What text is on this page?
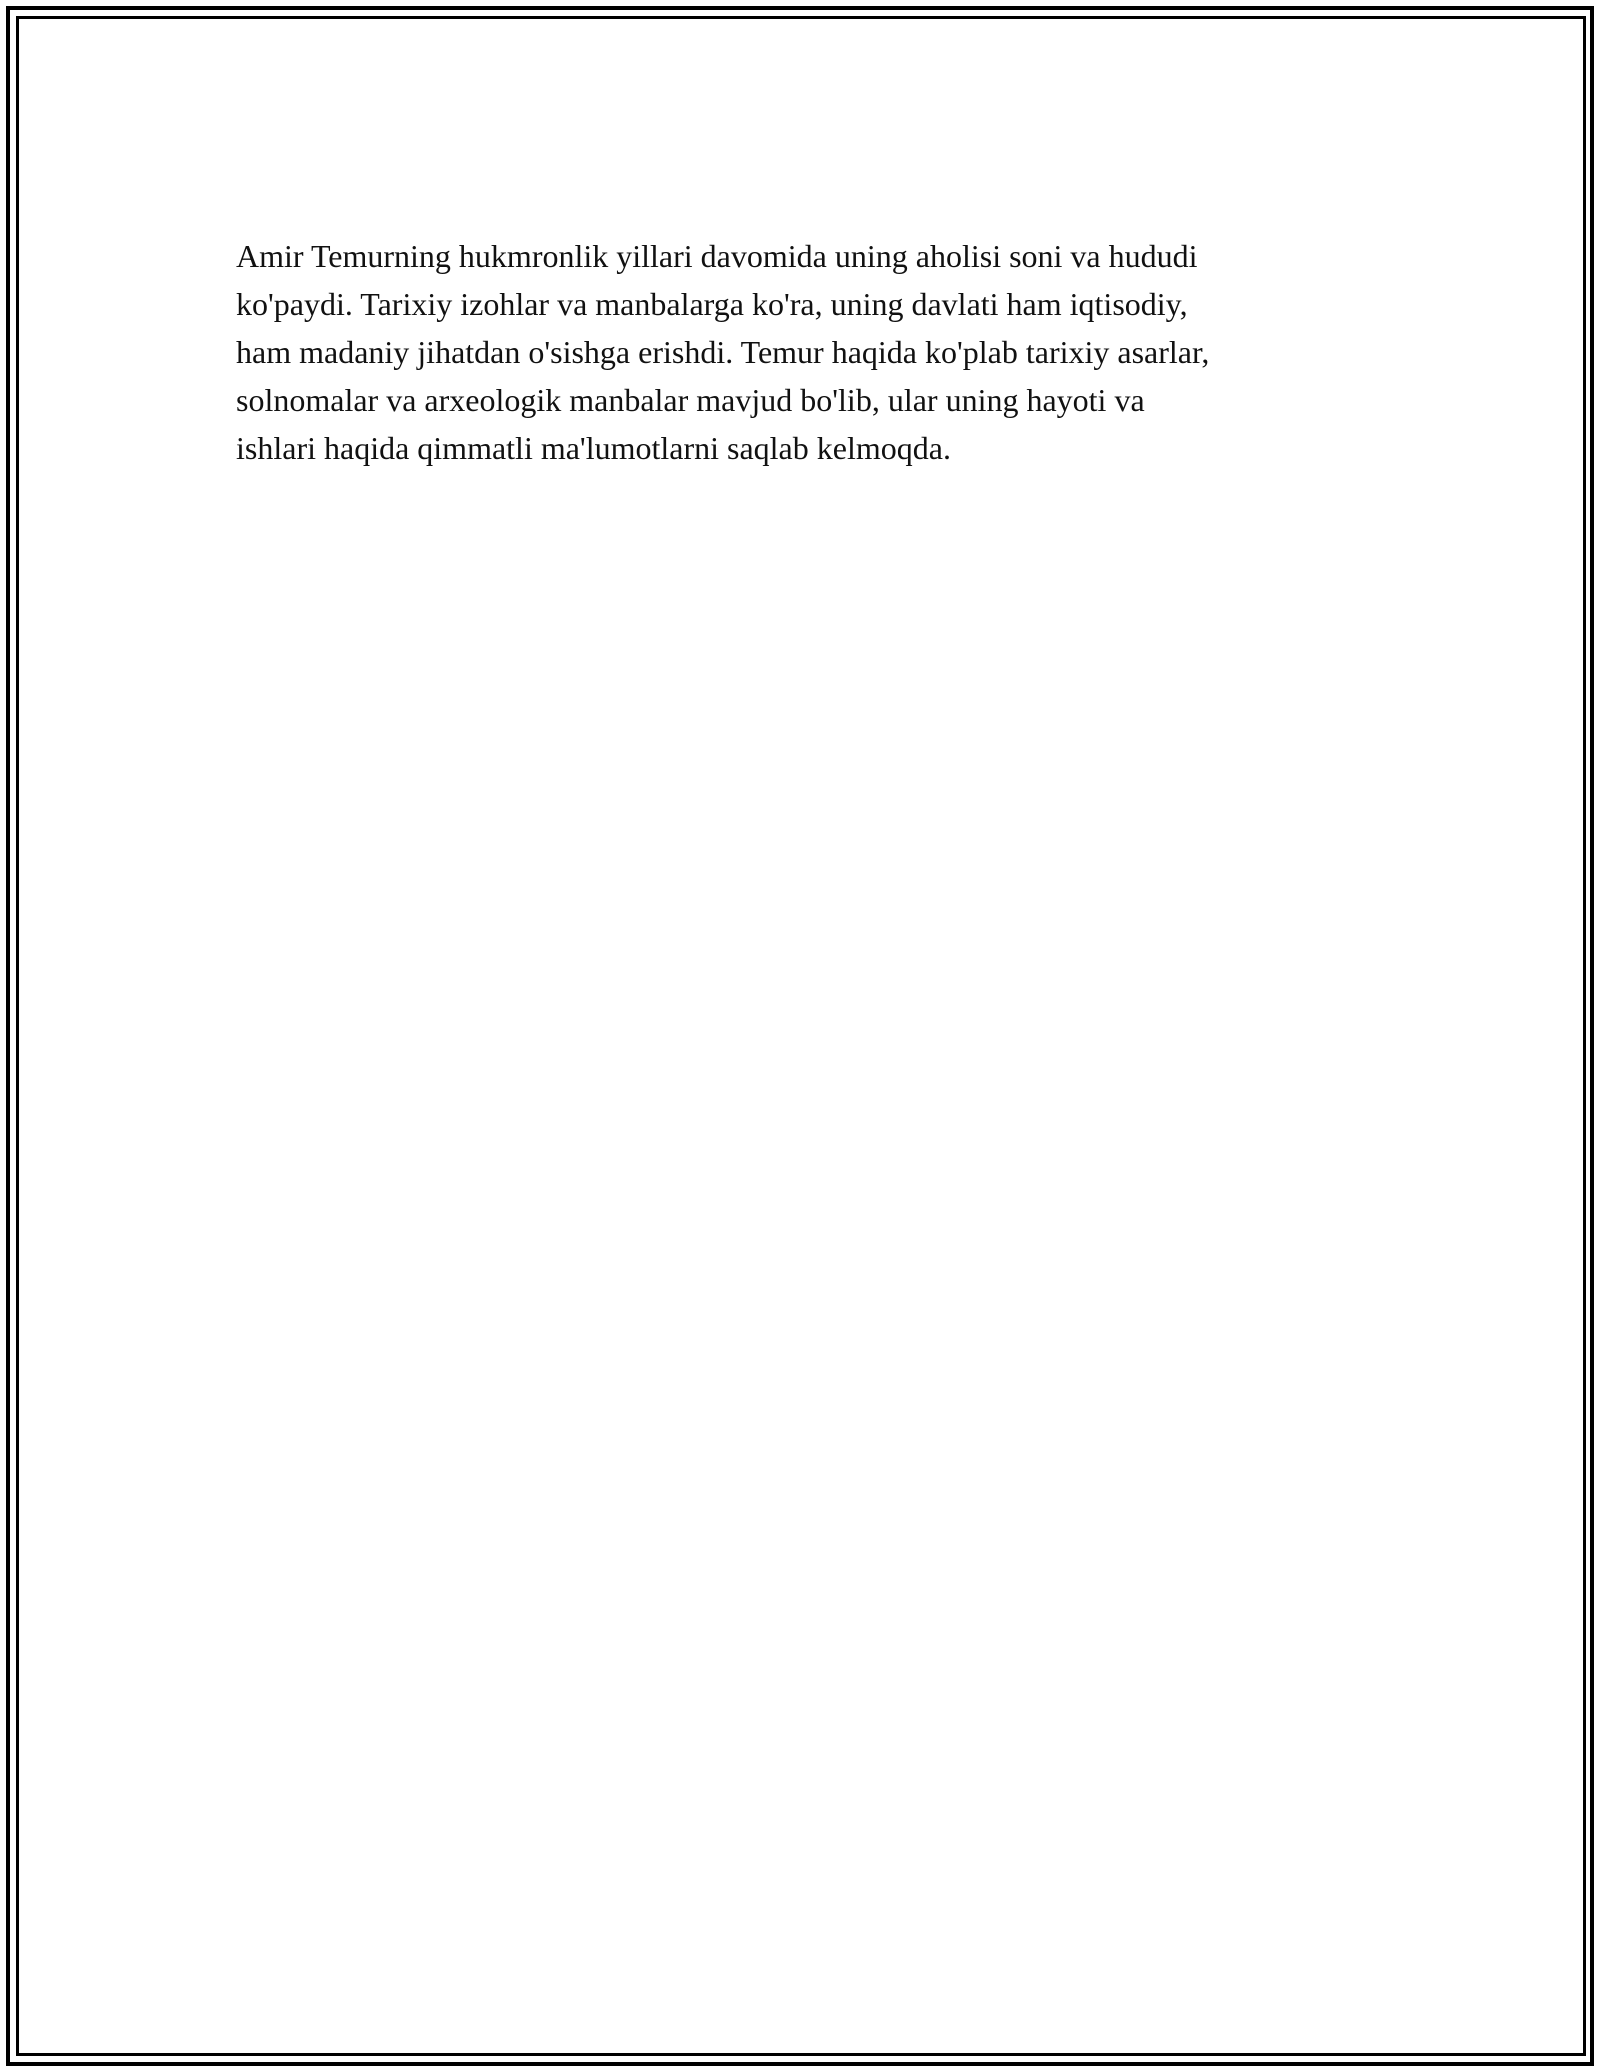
Amir Temurning hukmronlik yillari davomida uning aholisi soni va hududi
ko'paydi. Tarixiy izohlar va manbalarga ko'ra, uning davlati ham iqtisodiy,
ham madaniy jihatdan o'sishga erishdi. Temur haqida ko'plab tarixiy asarlar,
solnomalar va arxeologik manbalar mavjud bo'lib, ular uning hayoti va
ishlari haqida qimmatli ma'lumotlarni saqlab kelmoqda.
